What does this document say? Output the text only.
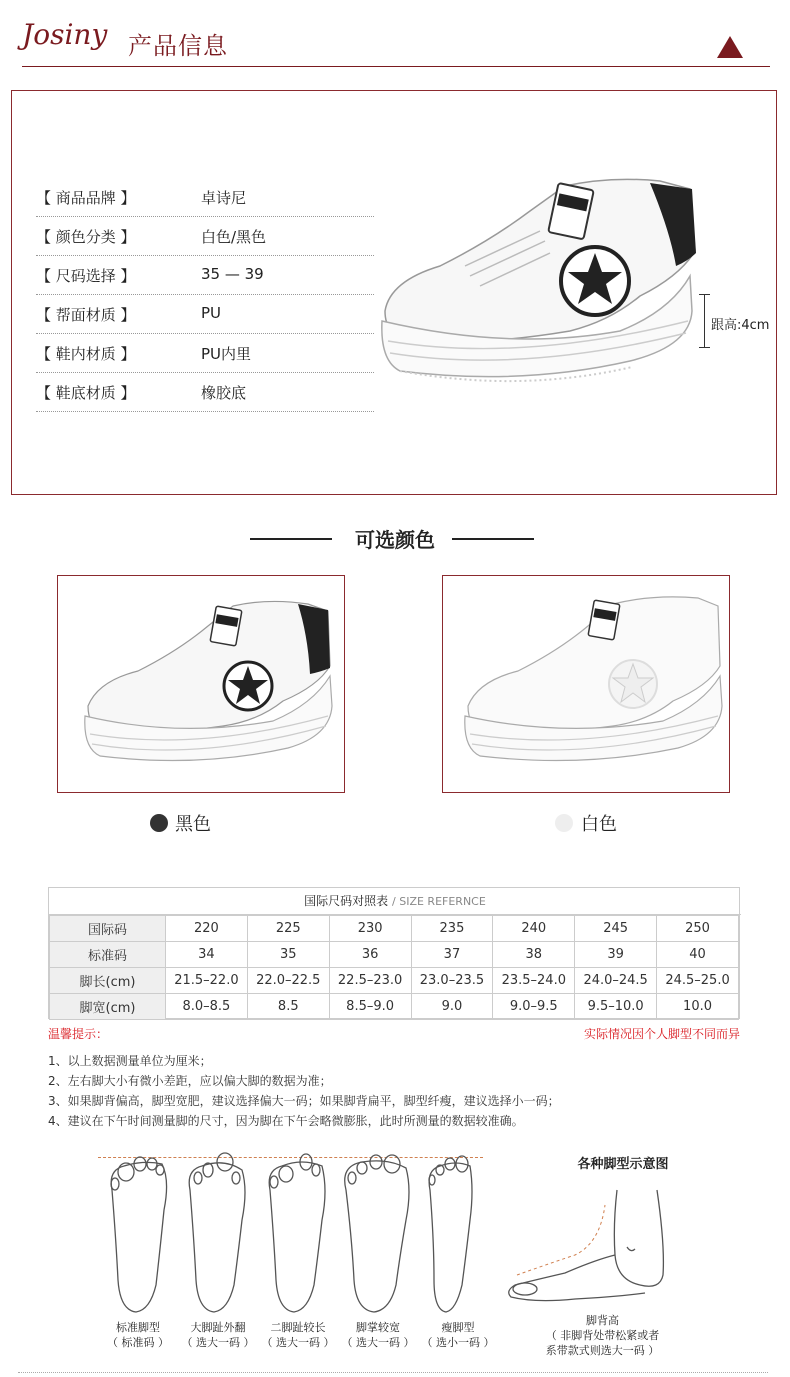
Josiny 产品信息
【 商品品牌 】	卓诗尼
【 颜色分类 】	白色/黑色
【 尺码选择 】	35 — 39
【 帮面材质 】	PU
【 鞋内材质 】	PU内里
【 鞋底材质 】	橡胶底
跟高:4cm
可选颜色
黑色	白色
国际尺码对照表 / SIZE REFERNCE
国际码	220	225	230	235	240	245	250
标准码	34	35	36	37	38	39	40
脚长(cm)	21.5–22.0	22.0–22.5	22.5–23.0	23.0–23.5	23.5–24.0	24.0–24.5	24.5–25.0
脚宽(cm)	8.0–8.5	8.5	8.5–9.0	9.0	9.0–9.5	9.5–10.0	10.0
温馨提示：	实际情况因个人脚型不同而异
1、以上数据测量单位为厘米；
2、左右脚大小有微小差距，应以偏大脚的数据为准；
3、如果脚背偏高，脚型宽肥，建议选择偏大一码；如果脚背扁平，脚型纤瘦，建议选择小一码；
4、建议在下午时间测量脚的尺寸，因为脚在下午会略微膨胀，此时所测量的数据较准确。
标准脚型
（ 标准码 ）
大脚趾外翻
（ 选大一码 ）
二脚趾较长
（ 选大一码 ）
脚掌较宽
（ 选大一码 ）
瘦脚型
（ 选小一码 ）
各种脚型示意图
脚背高
（ 非脚背处带松紧或者
系带款式则选大一码 ）
